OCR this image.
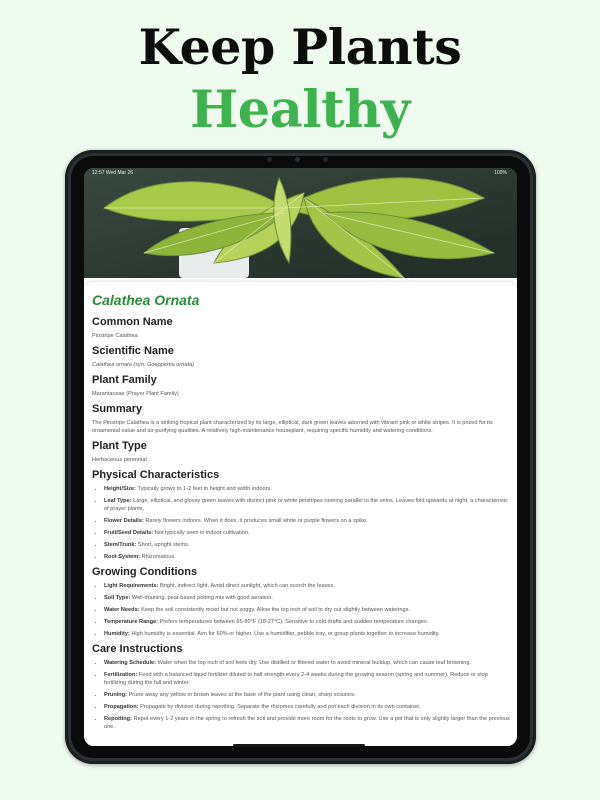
Keep Plants
Healthy
12:57 Wed Mar 26	100%
Calathea Ornata
Common Name
Pinstripe Calathea
Scientific Name
Calathea ornata (syn. Goeppertia ornata)
Plant Family
Marantaceae (Prayer Plant Family)
Summary
The Pinstripe Calathea is a striking tropical plant characterized by its large, elliptical, dark green leaves adorned with vibrant pink or white stripes. It is prized for its ornamental value and air-purifying qualities. A relatively high-maintenance houseplant, requiring specific humidity and watering conditions.
Plant Type
Herbaceous perennial
Physical Characteristics
• Height/Size: Typically grows to 1-2 feet in height and width indoors.
• Leaf Type: Large, elliptical, and glossy green leaves with distinct pink or white pinstripes running parallel to the veins. Leaves fold upwards at night, a characteristic of prayer plants.
• Flower Details: Rarely flowers indoors. When it does, it produces small white or purple flowers on a spike.
• Fruit/Seed Details: Not typically seen in indoor cultivation.
• Stem/Trunk: Short, upright stems.
• Root System: Rhizomatous.
Growing Conditions
• Light Requirements: Bright, indirect light. Avoid direct sunlight, which can scorch the leaves.
• Soil Type: Well-draining, peat-based potting mix with good aeration.
• Water Needs: Keep the soil consistently moist but not soggy. Allow the top inch of soil to dry out slightly between waterings.
• Temperature Range: Prefers temperatures between 65-80°F (18-27°C). Sensitive to cold drafts and sudden temperature changes.
• Humidity: High humidity is essential. Aim for 60% or higher. Use a humidifier, pebble tray, or group plants together to increase humidity.
Care Instructions
• Watering Schedule: Water when the top inch of soil feels dry. Use distilled or filtered water to avoid mineral buildup, which can cause leaf browning.
• Fertilization: Feed with a balanced liquid fertilizer diluted to half strength every 2-4 weeks during the growing season (spring and summer). Reduce or stop fertilizing during the fall and winter.
• Pruning: Prune away any yellow or brown leaves at the base of the plant using clean, sharp scissors.
• Propagation: Propagate by division during repotting. Separate the rhizomes carefully and pot each division in its own container.
• Repotting: Repot every 1-2 years in the spring to refresh the soil and provide more room for the roots to grow. Use a pot that is only slightly larger than the previous one.
